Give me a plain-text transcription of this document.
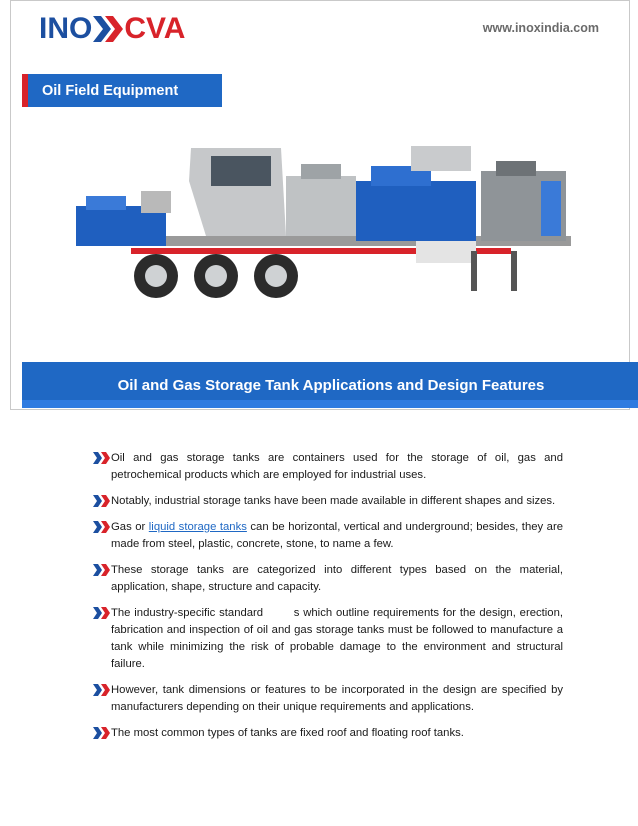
INO CVA	www.inoxindia.com
Oil Field Equipment
Oil and Gas Storage Tank Applications and Design Features
Oil and gas storage tanks are containers used for the storage of oil, gas and petrochemical products which are employed for industrial uses.
Notably, industrial storage tanks have been made available in different shapes and sizes.
Gas or liquid storage tanks can be horizontal, vertical and underground; besides, they are made from steel, plastic, concrete, stone, to name a few.
These storage tanks are categorized into different types based on the material, application, shape, structure and capacity.
The industry-specific standard        s which outline requirements for the design, erection, fabrication and inspection of oil and gas storage tanks must be followed to manufacture a tank while minimizing the risk of probable damage to the environment and structural failure.
However, tank dimensions or features to be incorporated in the design are specified by manufacturers depending on their unique requirements and applications.
The most common types of tanks are fixed roof and floating roof tanks.
